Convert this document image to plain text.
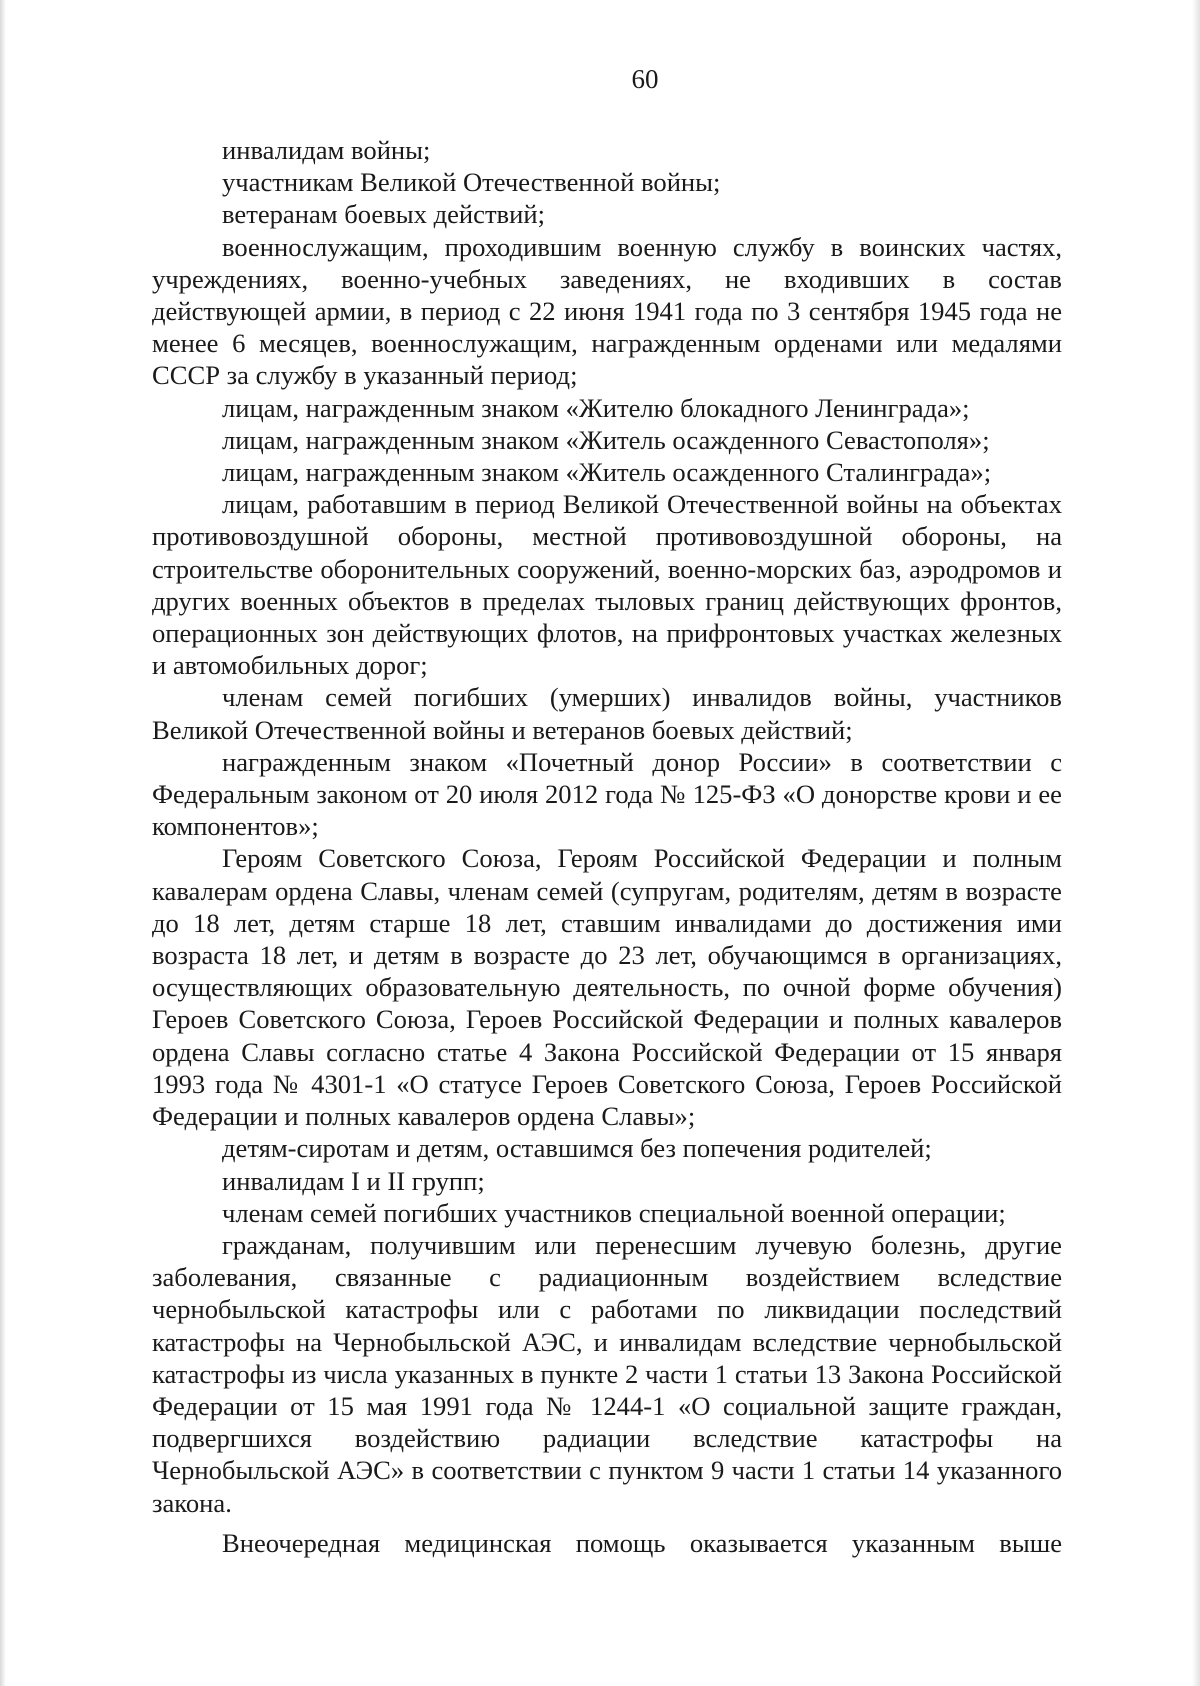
60

инвалидам войны;

участникам Великой Отечественной войны;

ветеранам боевых действий;

военнослужащим, проходившим военную службу в воинских частях, учреждениях, военно-учебных заведениях, не входивших в состав действующей армии, в период с 22 июня 1941 года по 3 сентября 1945 года не менее 6 месяцев, военнослужащим, награжденным орденами или медалями СССР за службу в указанный период;

лицам, награжденным знаком «Жителю блокадного Ленинграда»;

лицам, награжденным знаком «Житель осажденного Севастополя»;

лицам, награжденным знаком «Житель осажденного Сталинграда»;

лицам, работавшим в период Великой Отечественной войны на объектах противовоздушной обороны, местной противовоздушной обороны, на строительстве оборонительных сооружений, военно-морских баз, аэродромов и других военных объектов в пределах тыловых границ действующих фронтов, операционных зон действующих флотов, на прифронтовых участках железных и автомобильных дорог;

членам семей погибших (умерших) инвалидов войны, участников Великой Отечественной войны и ветеранов боевых действий;

награжденным знаком «Почетный донор России» в соответствии с Федеральным законом от 20 июля 2012 года № 125-ФЗ «О донорстве крови и ее компонентов»;

Героям Советского Союза, Героям Российской Федерации и полным кавалерам ордена Славы, членам семей (супругам, родителям, детям в возрасте до 18 лет, детям старше 18 лет, ставшим инвалидами до достижения ими возраста 18 лет, и детям в возрасте до 23 лет, обучающимся в организациях, осуществляющих образовательную деятельность, по очной форме обучения) Героев Советского Союза, Героев Российской Федерации и полных кавалеров ордена Славы согласно статье 4 Закона Российской Федерации от 15 января 1993 года № 4301-1 «О статусе Героев Советского Союза, Героев Российской Федерации и полных кавалеров ордена Славы»;

детям-сиротам и детям, оставшимся без попечения родителей;

инвалидам I и II групп;

членам семей погибших участников специальной военной операции;

гражданам, получившим или перенесшим лучевую болезнь, другие заболевания, связанные с радиационным воздействием вследствие чернобыльской катастрофы или с работами по ликвидации последствий катастрофы на Чернобыльской АЭС, и инвалидам вследствие чернобыльской катастрофы из числа указанных в пункте 2 части 1 статьи 13 Закона Российской Федерации от 15 мая 1991 года № 1244-1 «О социальной защите граждан, подвергшихся воздействию радиации вследствие катастрофы на Чернобыльской АЭС» в соответствии с пунктом 9 части 1 статьи 14 указанного закона.

Внеочередная медицинская помощь оказывается указанным выше
